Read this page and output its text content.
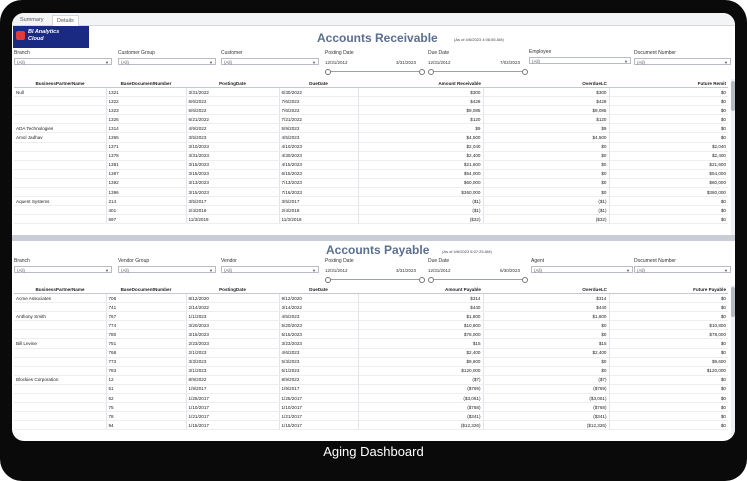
Summary	Details
BI Analytics
Cloud	Accounts Receivable	(As of 4/6/2023 4:06:55 AM)
Branch
(All)	▼
Customer Group
(All)	▼
Customer
(All)	▼
Posting Date
12/31/2012	3/31/2023
Due Date
12/31/2012	7/02/2023
Employee
(All)	▼
Document Number
(All)	▼
BusinessPartnerName	BaseDocumentNumber	PostingDate	DueDate	Amount Receivable	OverdueLC	Future Remit
Null	1321	3/31/2022	6/30/2022	$300	$300	$0
	1322	6/6/2022	7/6/2022	$428	$428	$0
	1323	6/6/2022	7/6/2022	$9,085	$9,085	$0
	1326	6/21/2022	7/21/2022	$120	$120	$0
ADA Technologies	1314	4/9/2022	5/9/2022	$9	$9	$0
Amol Jadhav	1365	3/5/2023	4/5/2023	$4,500	$4,500	$0
	1371	3/10/2023	4/10/2023	$2,040	$0	$2,040
	1378	3/31/2023	4/30/2023	$2,400	$0	$2,400
	1381	3/15/2023	4/15/2023	$21,600	$0	$21,600
	1387	3/15/2023	6/15/2023	$54,000	$0	$54,000
	1392	3/13/2023	7/13/2023	$60,000	$0	$60,000
	1396	3/15/2023	7/16/2023	$360,000	$0	$360,000
Aquent Systems	214	3/5/2017	3/5/2017	($1)	($1)	$0
	401	2/4/2018	2/4/2018	($1)	($1)	$0
	597	11/3/2018	11/3/2018	($32)	($32)	$0
Accounts Payable	(As of 4/6/2023 6:07:25 AM)
Branch
(All)	▼
Vendor Group
(All)	▼
Vendor
(All)	▼
Posting Date
12/31/2012	3/31/2023
Due Date
12/31/2012	6/30/2023
Agent
(All)	▼
Document Number
(All)	▼
BusinessPartnerName	BaseDocumentNumber	PostingDate	DueDate	Amount Payable	OverdueLC	Future Payable
Acme Associates	706	8/12/2020	9/12/2020	$314	$314	$0
	741	2/14/2022	3/14/2022	$440	$440	$0
Anthony Smith	767	1/1/2023	4/5/2023	$1,800	$1,800	$0
	774	3/20/2023	5/20/2023	$10,800	$0	$10,800
	780	3/15/2023	5/15/2023	$78,000	$0	$78,000
Bill Levine	751	2/23/2023	3/23/2023	$15	$15	$0
	768	2/1/2023	4/6/2023	$2,400	$2,400	$0
	773	3/3/2023	5/3/2023	$9,600	$0	$9,600
	783	3/1/2023	5/1/2023	$120,000	$0	$120,000
Blockies Corporation	12	8/9/2022	8/9/2022	($7)	($7)	$0
	51	1/9/2017	1/9/2017	($769)	($769)	$0
	62	1/25/2017	1/25/2017	($3,061)	($3,061)	$0
	75	1/10/2017	1/10/2017	($768)	($768)	$0
	78	1/21/2017	1/21/2017	($341)	($341)	$0
	94	1/15/2017	1/15/2017	($12,326)	($12,326)	$0
Aging Dashboard
